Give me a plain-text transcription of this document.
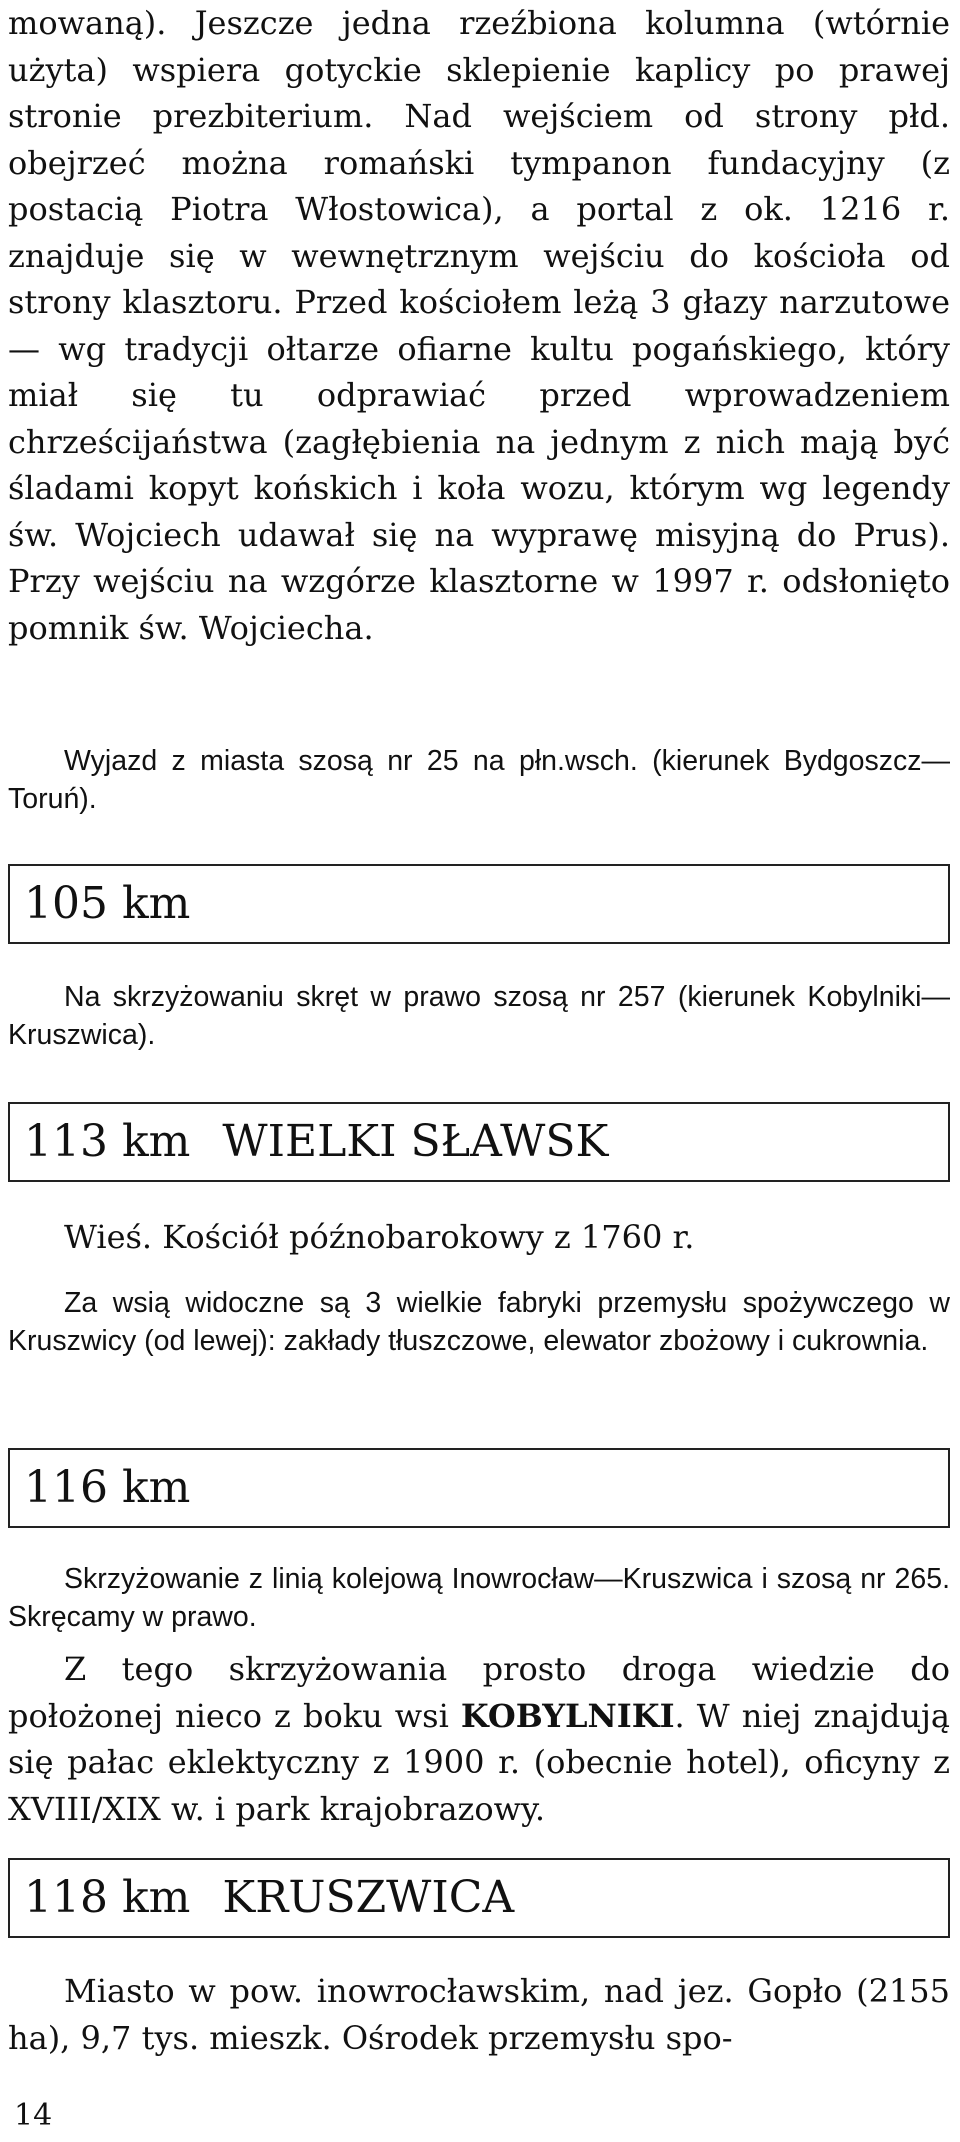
mowaną). Jeszcze jedna rzeźbiona kolumna (wtórnie użyta) wspiera gotyckie sklepienie kaplicy po prawej stronie prezbiterium. Nad wejściem od strony płd. obejrzeć można romański tympanon fundacyjny (z postacią Piotra Włostowica), a portal z ok. 1216 r. znajduje się w wewnętrznym wejściu do kościoła od strony klasztoru. Przed kościołem leżą 3 głazy narzutowe — wg tradycji ołtarze ofiarne kultu pogańskiego, który miał się tu odprawiać przed wprowadzeniem chrześcijaństwa (zagłębienia na jednym z nich mają być śladami kopyt końskich i koła wozu, którym wg legendy św. Wojciech udawał się na wyprawę misyjną do Prus). Przy wejściu na wzgórze klasztorne w 1997 r. odsłonięto pomnik św. Wojciecha.

Wyjazd z miasta szosą nr 25 na płn.wsch. (kierunek Bydgoszcz—Toruń).

105 km

Na skrzyżowaniu skręt w prawo szosą nr 257 (kierunek Kobylniki—Kruszwica).

113 km WIELKI SŁAWSK

Wieś. Kościół późnobarokowy z 1760 r.

Za wsią widoczne są 3 wielkie fabryki przemysłu spożywczego w Kruszwicy (od lewej): zakłady tłuszczowe, elewator zbożowy i cukrownia.

116 km

Skrzyżowanie z linią kolejową Inowrocław—Kruszwica i szosą nr 265. Skręcamy w prawo.

Z tego skrzyżowania prosto droga wiedzie do położonej nieco z boku wsi KOBYLNIKI. W niej znajdują się pałac eklektyczny z 1900 r. (obecnie hotel), oficyny z XVIII/XIX w. i park krajobrazowy.

118 km KRUSZWICA

Miasto w pow. inowrocławskim, nad jez. Gopło (2155 ha), 9,7 tys. mieszk. Ośrodek przemysłu spo-

14
